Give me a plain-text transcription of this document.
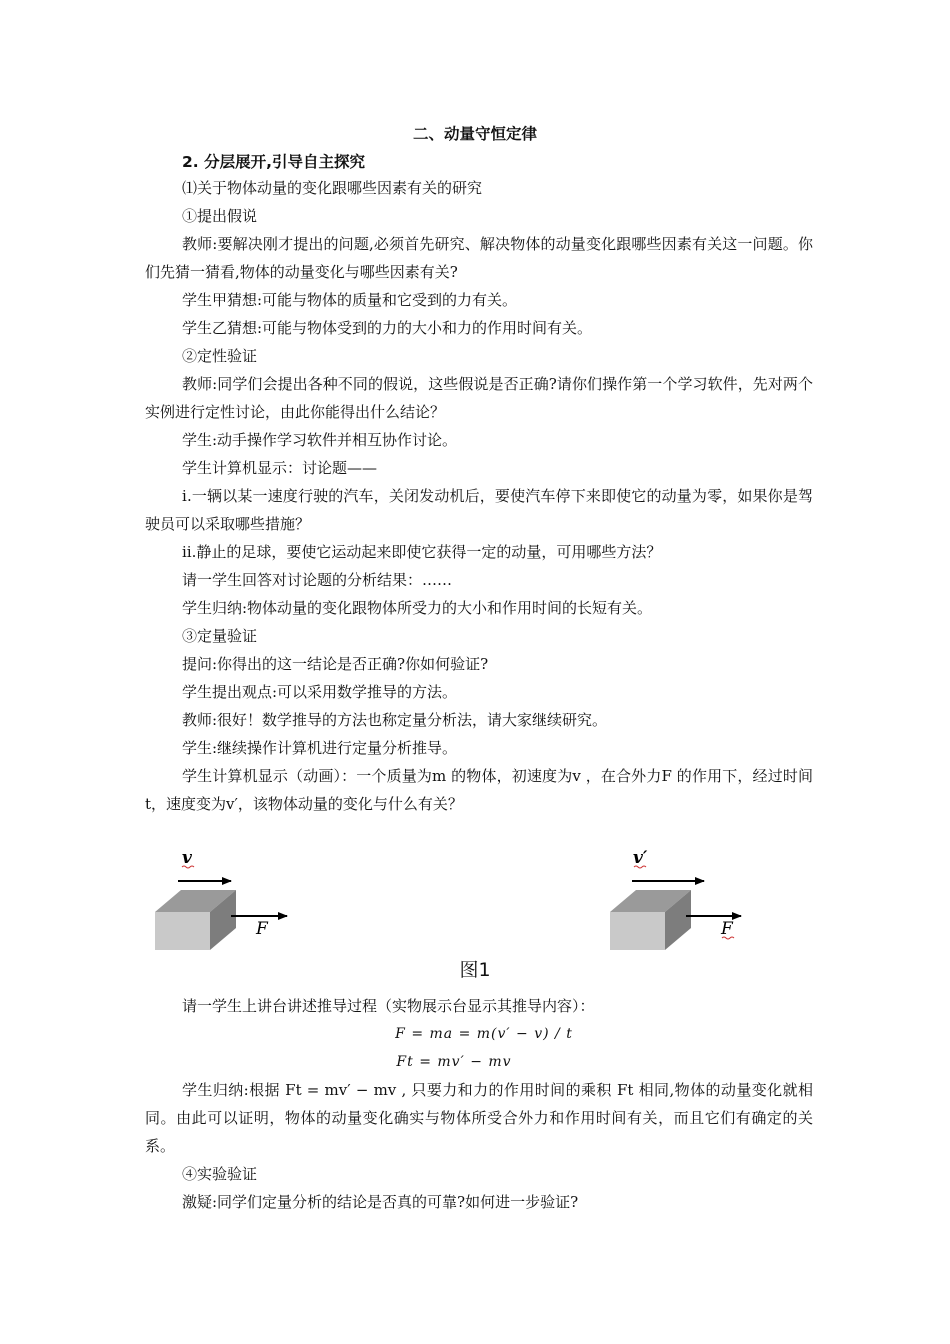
二、动量守恒定律
2. 分层展开,引导自主探究

⑴关于物体动量的变化跟哪些因素有关的研究

①提出假说

教师:要解决刚才提出的问题,必须首先研究、解决物体的动量变化跟哪些因素有关这一问题。你们先猜一猜看,物体的动量变化与哪些因素有关?

学生甲猜想:可能与物体的质量和它受到的力有关。

学生乙猜想:可能与物体受到的力的大小和力的作用时间有关。

②定性验证

教师:同学们会提出各种不同的假说，这些假说是否正确?请你们操作第一个学习软件，先对两个实例进行定性讨论，由此你能得出什么结论？

学生:动手操作学习软件并相互协作讨论。

学生计算机显示：讨论题——

ⅰ.一辆以某一速度行驶的汽车，关闭发动机后，要使汽车停下来即使它的动量为零，如果你是驾驶员可以采取哪些措施？

ⅱ.静止的足球，要使它运动起来即使它获得一定的动量，可用哪些方法？

请一学生回答对讨论题的分析结果：……

学生归纳:物体动量的变化跟物体所受力的大小和作用时间的长短有关。

③定量验证

提问:你得出的这一结论是否正确?你如何验证?

学生提出观点:可以采用数学推导的方法。

教师:很好！数学推导的方法也称定量分析法，请大家继续研究。

学生:继续操作计算机进行定量分析推导。

学生计算机显示（动画）：一个质量为m 的物体，初速度为v ，在合外力F 的作用下，经过时间t，速度变为v′，该物体动量的变化与什么有关？

v
F
v′
F
图1

请一学生上讲台讲述推导过程（实物展示台显示其推导内容）：

F = ma = m(v′ − v) / t

Ft = mv′ − mv

学生归纳:根据 Ft = mv′ − mv , 只要力和力的作用时间的乘积 Ft 相同,物体的动量变化就相同。由此可以证明，物体的动量变化确实与物体所受合外力和作用时间有关，而且它们有确定的关系。

④实验验证

激疑:同学们定量分析的结论是否真的可靠?如何进一步验证?
